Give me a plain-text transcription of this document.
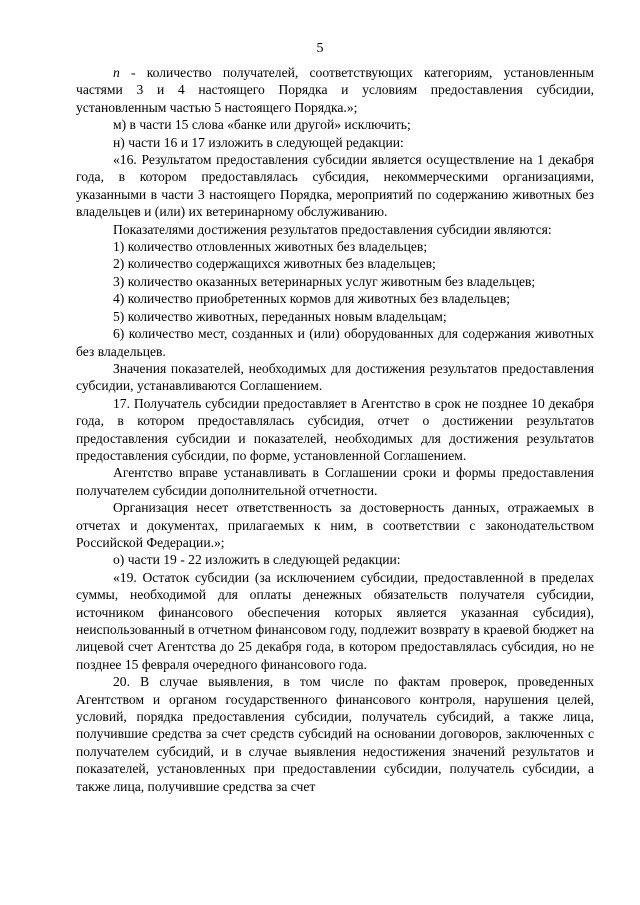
5

n - количество получателей, соответствующих категориям, установленным частями 3 и 4 настоящего Порядка и условиям предоставления субсидии, установленным частью 5 настоящего Порядка.»;

м) в части 15 слова «банке или другой» исключить;

н) части 16 и 17 изложить в следующей редакции:

«16. Результатом предоставления субсидии является осуществление на 1 декабря года, в котором предоставлялась субсидия, некоммерческими организациями, указанными в части 3 настоящего Порядка, мероприятий по содержанию животных без владельцев и (или) их ветеринарному обслуживанию.

Показателями достижения результатов предоставления субсидии являются:

1) количество отловленных животных без владельцев;

2) количество содержащихся животных без владельцев;

3) количество оказанных ветеринарных услуг животным без владельцев;

4) количество приобретенных кормов для животных без владельцев;

5) количество животных, переданных новым владельцам;

6) количество мест, созданных и (или) оборудованных для содержания животных без владельцев.

Значения показателей, необходимых для достижения результатов предоставления субсидии, устанавливаются Соглашением.

17. Получатель субсидии предоставляет в Агентство в срок не позднее 10 декабря года, в котором предоставлялась субсидия, отчет о достижении результатов предоставления субсидии и показателей, необходимых для достижения результатов предоставления субсидии, по форме, установленной Соглашением.

Агентство вправе устанавливать в Соглашении сроки и формы предоставления получателем субсидии дополнительной отчетности.

Организация несет ответственность за достоверность данных, отражаемых в отчетах и документах, прилагаемых к ним, в соответствии с законодательством Российской Федерации.»;

о) части 19 - 22 изложить в следующей редакции:

«19. Остаток субсидии (за исключением субсидии, предоставленной в пределах суммы, необходимой для оплаты денежных обязательств получателя субсидии, источником финансового обеспечения которых является указанная субсидия), неиспользованный в отчетном финансовом году, подлежит возврату в краевой бюджет на лицевой счет Агентства до 25 декабря года, в котором предоставлялась субсидия, но не позднее 15 февраля очередного финансового года.

20. В случае выявления, в том числе по фактам проверок, проведенных Агентством и органом государственного финансового контроля, нарушения целей, условий, порядка предоставления субсидии, получатель субсидий, а также лица, получившие средства за счет средств субсидий на основании договоров, заключенных с получателем субсидий, и в случае выявления недостижения значений результатов и показателей, установленных при предоставлении субсидии, получатель субсидии, а также лица, получившие средства за счет
